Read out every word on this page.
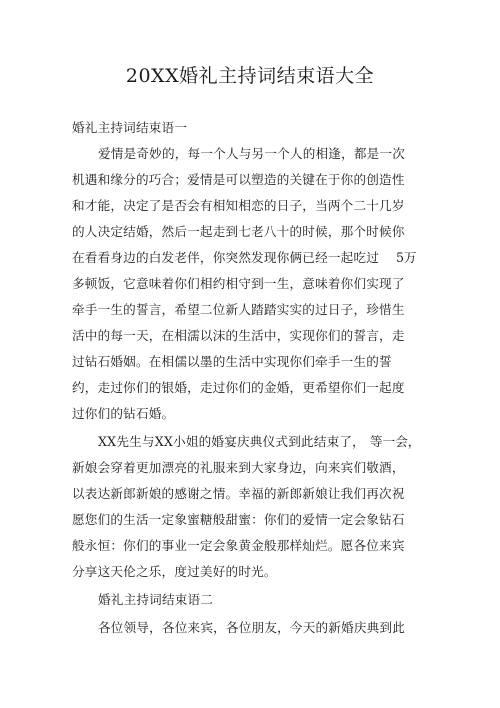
20XX婚礼主持词结束语大全
婚礼主持词结束语一
爱情是奇妙的，每一个人与另一个人的相逢，都是一次
机遇和缘分的巧合；爱情是可以塑造的关键在于你的创造性
和才能，决定了是否会有相知相恋的日子，当两个二十几岁
的人决定结婚，然后一起走到七老八十的时候，那个时候你
在看看身边的白发老伴，你突然发现你俩已经一起吃过	5万
多顿饭，它意味着你们相约相守到一生，意味着你们实现了
牵手一生的誓言，希望二位新人踏踏实实的过日子，珍惜生
活中的每一天，在相濡以沫的生活中，实现你们的誓言，走
过钻石婚姻。在相儒以墨的生活中实现你们牵手一生的誓
约，走过你们的银婚，走过你们的金婚，更希望你们一起度
过你们的钻石婚。
XX先生与XX小姐的婚宴庆典仪式到此结束了， 等一会，
新娘会穿着更加漂亮的礼服来到大家身边，向来宾们敬酒，
以表达新郎新娘的感谢之情。幸福的新郎新娘让我们再次祝
愿您们的生活一定象蜜糖般甜蜜：你们的爱情一定会象钻石
般永恒：你们的事业一定会象黄金般那样灿烂。愿各位来宾
分享这天伦之乐，度过美好的时光。
婚礼主持词结束语二
各位领导，各位来宾，各位朋友，今天的新婚庆典到此
